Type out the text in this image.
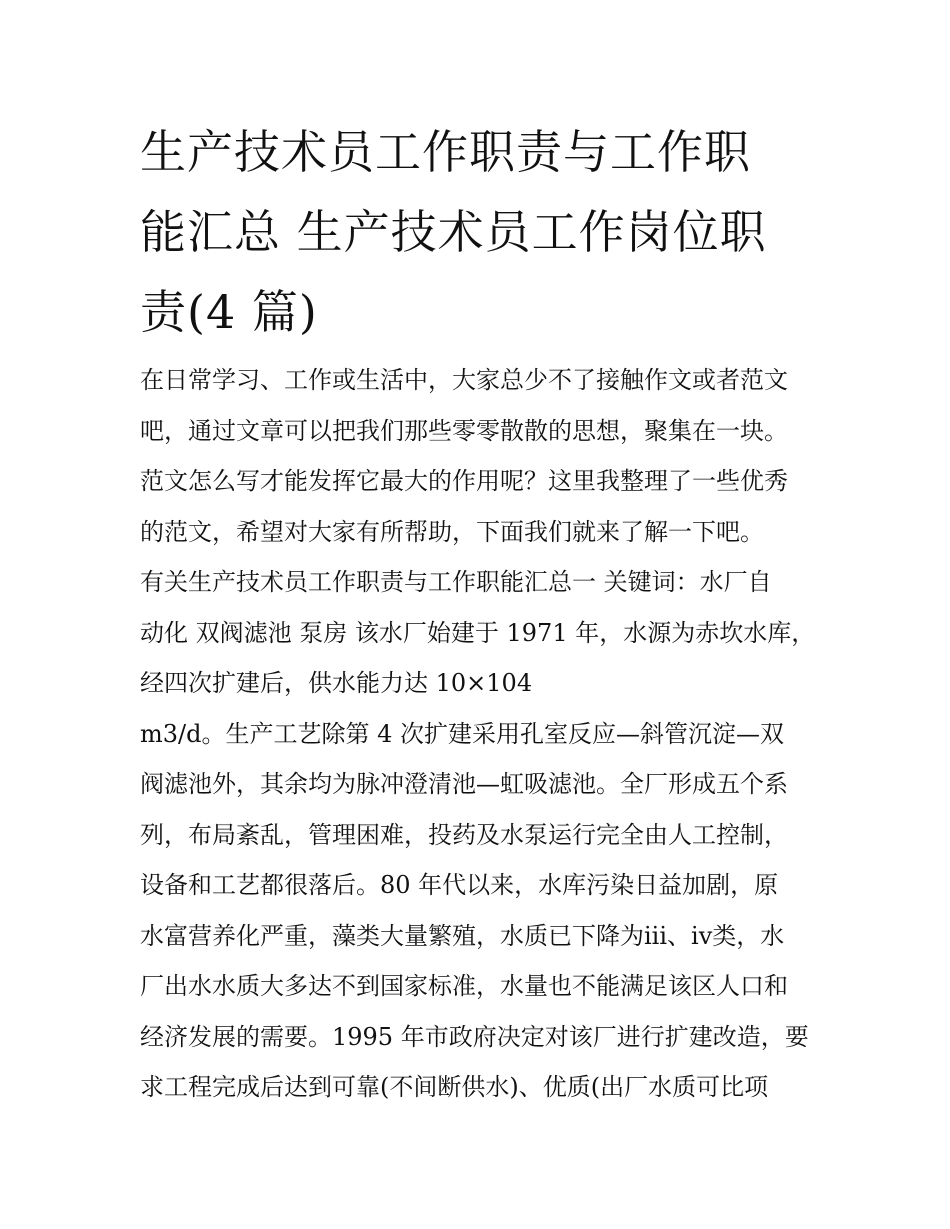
生产技术员工作职责与工作职
能汇总 生产技术员工作岗位职
责(4 篇)
在日常学习、工作或生活中，大家总少不了接触作文或者范文
吧，通过文章可以把我们那些零零散散的思想，聚集在一块。
范文怎么写才能发挥它最大的作用呢？这里我整理了一些优秀
的范文，希望对大家有所帮助，下面我们就来了解一下吧。
有关生产技术员工作职责与工作职能汇总一 关键词：水厂自
动化 双阀滤池 泵房 该水厂始建于 1971 年，水源为赤坎水库，
经四次扩建后，供水能力达 10×104
m3/d。生产工艺除第 4 次扩建采用孔室反应—斜管沉淀—双
阀滤池外，其余均为脉冲澄清池—虹吸滤池。全厂形成五个系
列，布局紊乱，管理困难，投药及水泵运行完全由人工控制，
设备和工艺都很落后。80 年代以来，水库污染日益加剧，原
水富营养化严重，藻类大量繁殖，水质已下降为iii、iv类，水
厂出水水质大多达不到国家标准，水量也不能满足该区人口和
经济发展的需要。1995 年市政府决定对该厂进行扩建改造，要
求工程完成后达到可靠(不间断供水)、优质(出厂水质可比项
